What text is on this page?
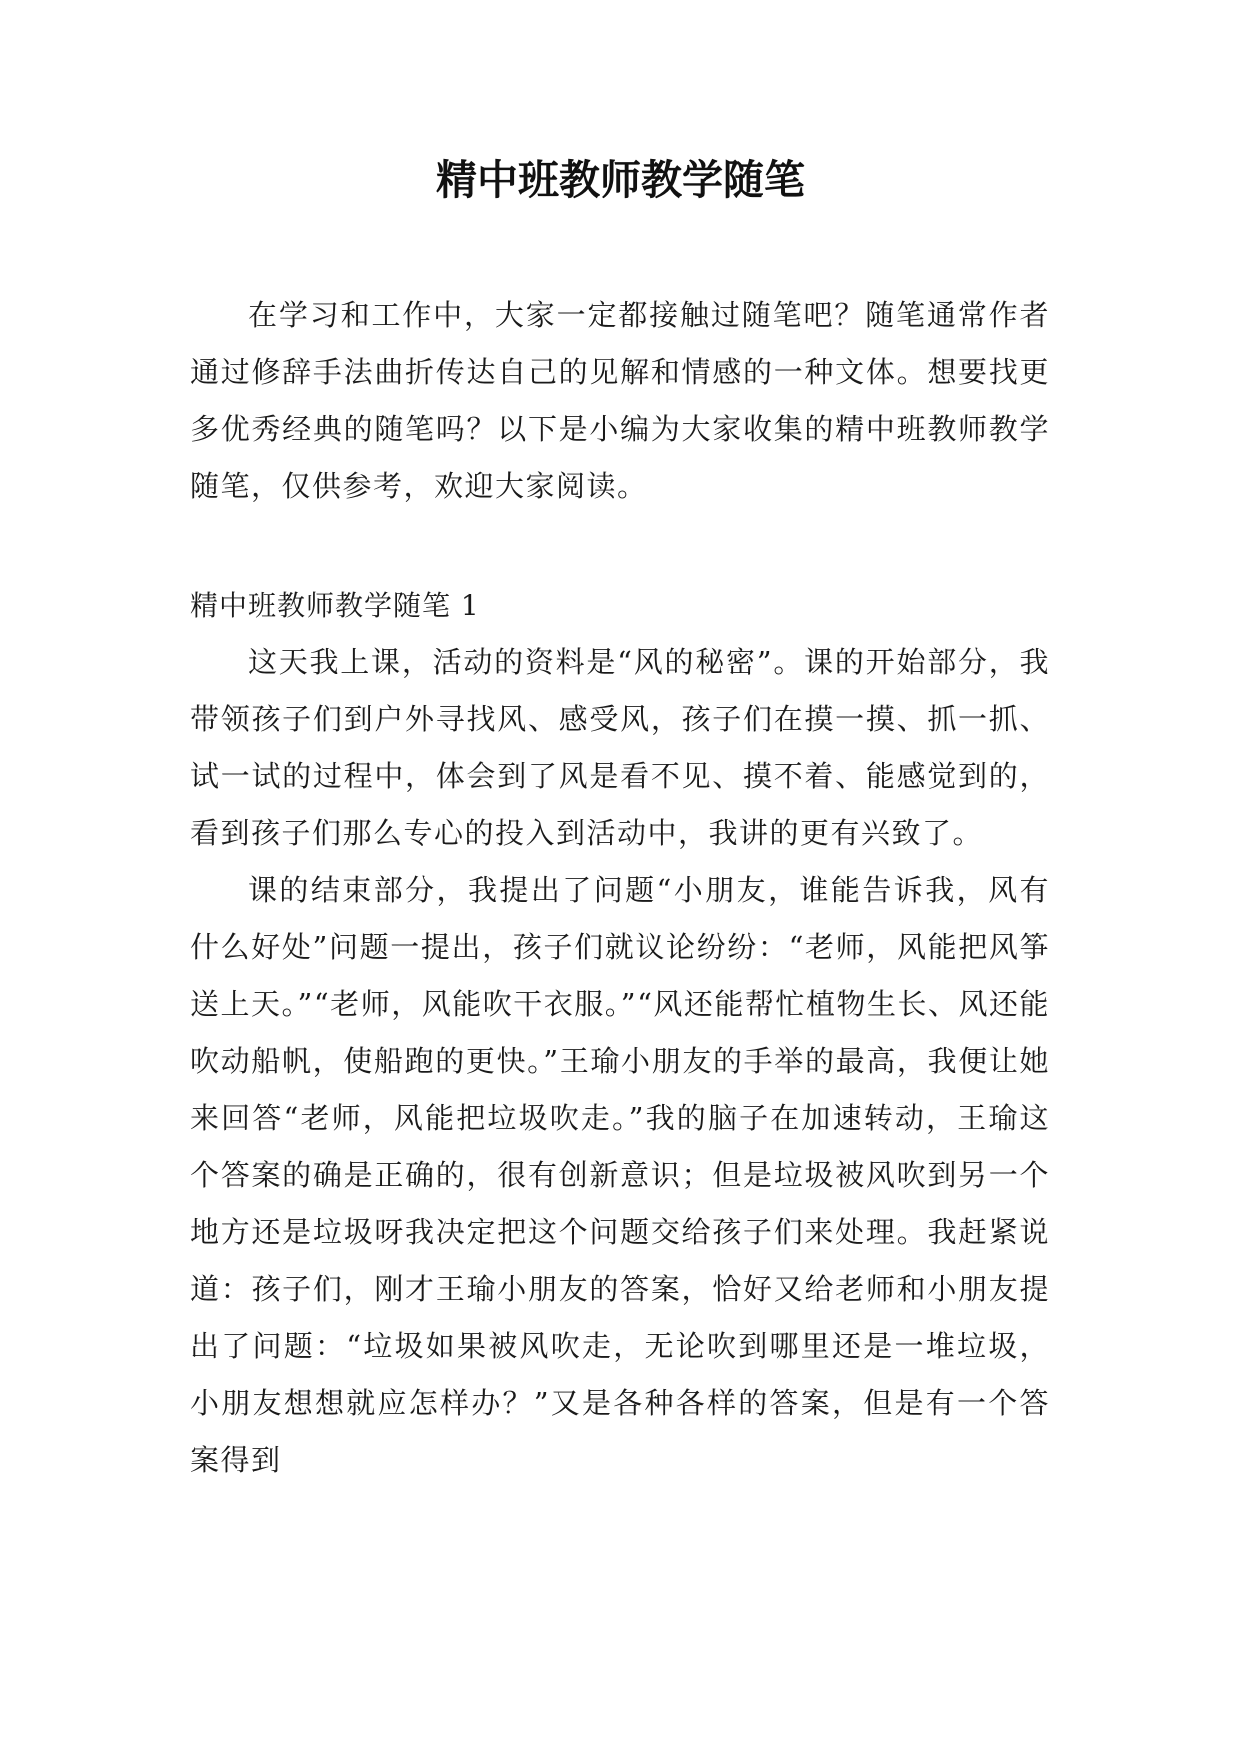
精中班教师教学随笔

在学习和工作中，大家一定都接触过随笔吧？随笔通常作者通过修辞手法曲折传达自己的见解和情感的一种文体。想要找更多优秀经典的随笔吗？以下是小编为大家收集的精中班教师教学随笔，仅供参考，欢迎大家阅读。

精中班教师教学随笔 1

这天我上课，活动的资料是“风的秘密”。课的开始部分，我带领孩子们到户外寻找风、感受风，孩子们在摸一摸、抓一抓、试一试的过程中，体会到了风是看不见、摸不着、能感觉到的，看到孩子们那么专心的投入到活动中，我讲的更有兴致了。

课的结束部分，我提出了问题“小朋友，谁能告诉我，风有什么好处”问题一提出，孩子们就议论纷纷：“老师，风能把风筝送上天。”“老师，风能吹干衣服。”“风还能帮忙植物生长、风还能吹动船帆，使船跑的更快。”王瑜小朋友的手举的最高，我便让她来回答“老师，风能把垃圾吹走。”我的脑子在加速转动，王瑜这个答案的确是正确的，很有创新意识；但是垃圾被风吹到另一个地方还是垃圾呀我决定把这个问题交给孩子们来处理。我赶紧说道：孩子们，刚才王瑜小朋友的答案，恰好又给老师和小朋友提出了问题：“垃圾如果被风吹走，无论吹到哪里还是一堆垃圾，小朋友想想就应怎样办？”又是各种各样的答案，但是有一个答案得到
